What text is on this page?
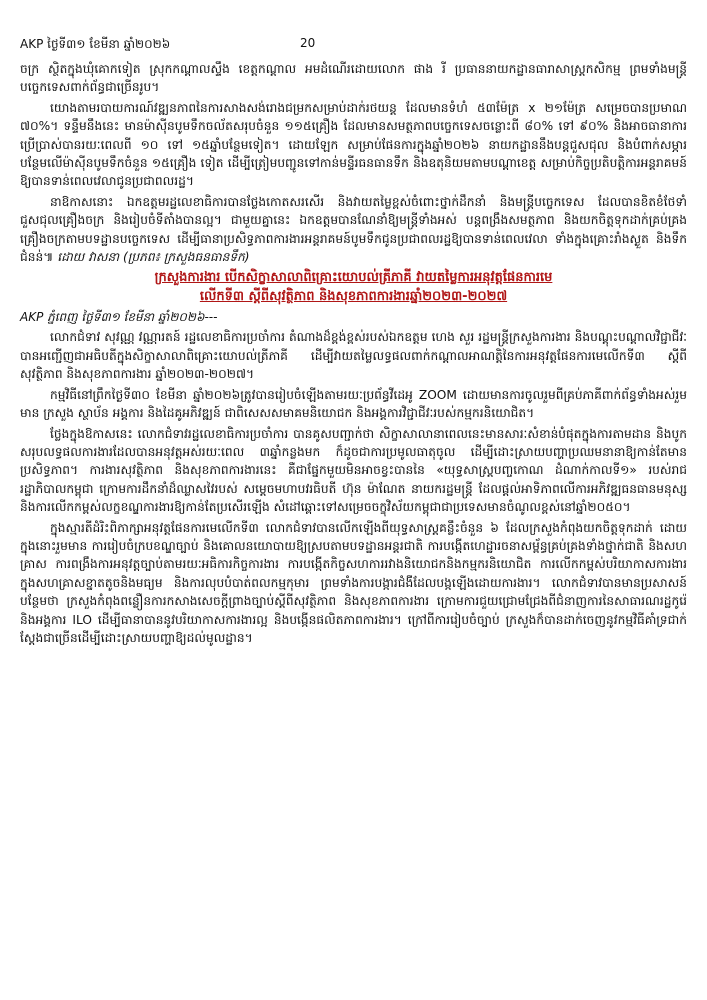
AKP ថ្ងៃទី៣១ ខែមីនា ឆ្នាំ២០២៦	20

ចក្រ ស្ថិតក្នុងឃុំគោកទៀត ស្រុកកណ្ដាលស្ទឹង ខេត្តកណ្ដាល អមដំណើរដោយលោក ផាង រី ប្រធាននាយកដ្ឋានធារាសាស្ត្រកសិកម្ម ព្រមទាំងមន្ត្រីបច្ចេកទេសពាក់ព័ន្ធជាច្រើនរូប។

យោងតាមរបាយការណ៍វឌ្ឍនភាពនៃការសាងសង់រោងជម្រកសម្រាប់ដាក់រថយន្ត ដែលមានទំហំ ៥៣ម៉ែត្រ x ២១ម៉ែត្រ សម្រេចបានប្រមាណ ៧០%។ ទន្ទឹមនឹងនេះ មានម៉ាស៊ីនបូមទឹកចល័តសរុបចំនួន ១១៥គ្រឿង ដែលមានសមត្ថភាពបច្ចេកទេសចន្លោះពី ៨០% ទៅ ៩០% និងអាចធានាការប្រើប្រាស់បានរយៈពេលពី ១០ ទៅ ១៥ឆ្នាំបន្ថែមទៀត។ ដោយឡែក សម្រាប់ផែនការក្នុងឆ្នាំ២០២៦ នាយកដ្ឋាននឹងបន្តជួសជុល និងបំពាក់សម្ភារបន្ថែមលើម៉ាស៊ីនបូមទឹកចំនួន ១៥គ្រឿង ទៀត ដើម្បីត្រៀមបញ្ជូនទៅកាន់មន្ទីរធនធានទឹក និងឧតុនិយមតាមបណ្ដាខេត្ត សម្រាប់កិច្ចប្រតិបត្តិការអន្តរាគមន៍ឱ្យបានទាន់ពេលវេលាជូនប្រជាពលរដ្ឋ។

នាឱកាសនោះ ឯកឧត្តមរដ្ឋលេខាធិការបានថ្លែងកោតសរសើរ និងវាយតម្លៃខ្ពស់ចំពោះថ្នាក់ដឹកនាំ និងមន្ត្រីបច្ចេកទេស ដែលបានខិតខំថែទាំ ជួសជុលគ្រឿងចក្រ និងរៀបចំទីតាំងបានល្អ។ ជាមួយគ្នានេះ ឯកឧត្តមបានណែនាំឱ្យមន្ត្រីទាំងអស់ បន្តពង្រឹងសមត្ថភាព និងយកចិត្តទុកដាក់គ្រប់គ្រងគ្រឿងចក្រតាមបទដ្ឋានបច្ចេកទេស ដើម្បីធានាប្រសិទ្ធភាពការងារអន្តរាគមន៍បូមទឹកជូនប្រជាពលរដ្ឋឱ្យបានទាន់ពេលវេលា ទាំងក្នុងគ្រោះរាំងស្ងួត និងទឹកជំនន់៕ ដោយ វាសនា (ប្រភព៖ ក្រសួងធនធានទឹក)

ក្រសួងការងារ បើកសិក្ខាសាលាពិគ្រោះយោបល់ត្រីភាគី វាយតម្លៃការអនុវត្តផែនការមេ
លើកទី៣ ស្ដីពីសុវត្ថិភាព និងសុខភាពការងារឆ្នាំ២០២៣-២០២៧
AKP ភ្នំពេញ ថ្ងៃទី៣១ ខែមីនា ឆ្នាំ២០២៦---

លោកជំទាវ សុវណ្ណ វណ្ណារតន៍ រដ្ឋលេខាធិការប្រចាំការ តំណាងដ៏ខ្ពង់ខ្ពស់របស់ឯកឧត្តម ហេង សួរ រដ្ឋមន្ត្រីក្រសួងការងារ និងបណ្ដុះបណ្ដាលវិជ្ជាជីវៈបានអញ្ជើញជាអធិបតីក្នុងសិក្ខាសាលាពិគ្រោះយោបល់ត្រីភាគី ដើម្បីវាយតម្លៃលទ្ធផលពាក់កណ្ដាលអាណត្តិនៃការអនុវត្តផែនការមេលើកទី៣ ស្ដីពីសុវត្ថិភាព និងសុខភាពការងារ ឆ្នាំ២០២៣-២០២៧។

កម្មវិធីនៅព្រឹកថ្ងៃទី៣០ ខែមីនា ឆ្នាំ២០២៦ត្រូវបានរៀបចំឡើងតាមរយៈប្រព័ន្ធវីដេអូ ZOOM ដោយមានការចូលរួមពីគ្រប់ភាគីពាក់ព័ន្ធទាំងអស់រួមមាន ក្រសួង ស្ថាប័ន អង្គការ និងដៃគូអភិវឌ្ឍន៍ ជាពិសេសសមាគមនិយោជក និងអង្គការវិជ្ជាជីវៈរបស់កម្មករនិយោជិត។

ថ្លែងក្នុងឱកាសនេះ លោកជំទាវរដ្ឋលេខាធិការប្រចាំការ បានគូសបញ្ជាក់ថា សិក្ខាសាលានាពេលនេះមានសារៈសំខាន់បំផុតក្នុងការតាមដាន និងបូកសរុបលទ្ធផលការងារដែលបានអនុវត្តអស់រយៈពេល ៣ឆ្នាំកន្លងមក ក៏ដូចជាការប្រមូលធាតុចូល ដើម្បីដោះស្រាយបញ្ហាប្រឈមនានាឱ្យកាន់តែមានប្រសិទ្ធភាព។ ការងារសុវត្ថិភាព និងសុខភាពការងារនេះ គឺជាផ្នែកមួយមិនអាចខ្វះបាននៃ «យុទ្ធសាស្ត្របញ្ចកោណ ដំណាក់កាលទី១» របស់រាជរដ្ឋាភិបាលកម្ពុជា ក្រោមការដឹកនាំដ៏ឈ្លាសវៃរបស់ សម្ដេចមហាបវរធិបតី ហ៊ុន ម៉ាណែត នាយករដ្ឋមន្ត្រី ដែលផ្ដល់អាទិភាពលើការអភិវឌ្ឍធនធានមនុស្ស និងការលើកកម្ពស់លក្ខខណ្ឌការងារឱ្យកាន់តែប្រសើរឡើង សំដៅឆ្ពោះទៅសម្រេចចក្ខុវិស័យកម្ពុជាជាប្រទេសមានចំណូលខ្ពស់នៅឆ្នាំ២០៥០។

ក្នុងស្មារតីដំរិះពិភាក្សាអនុវត្តផែនការមេលើកទី៣ លោកជំទាវបានលើកឡើងពីយុទ្ធសាស្ត្រគន្លឹះចំនួន ៦ ដែលក្រសួងកំពុងយកចិត្តទុកដាក់ ដោយក្នុងនោះរួមមាន ការរៀបចំក្របខណ្ឌច្បាប់ និងគោលនយោបាយឱ្យស្របតាមបទដ្ឋានអន្តរជាតិ ការបង្កើតហេដ្ឋារចនាសម្ព័ន្ធគ្រប់គ្រងទាំងថ្នាក់ជាតិ និងសហគ្រាស ការពង្រឹងការអនុវត្តច្បាប់តាមរយៈអធិការកិច្ចការងារ ការបង្កើតកិច្ចសហការរវាងនិយោជកនិងកម្មករនិយោជិត ការលើកកម្ពស់បរិយាកាសការងារក្នុងសហគ្រាសខ្នាតតូចនិងមធ្យម និងការលុបបំបាត់ពលកម្មកុមារ ព្រមទាំងការបង្ការជំងឺដែលបង្កឡើងដោយការងារ។ លោកជំទាវបានមានប្រសាសន៍បន្ថែមថា ក្រសួងកំពុងពន្លឿនការកសាងសេចក្ដីព្រាងច្បាប់ស្ដីពីសុវត្ថិភាព និងសុខភាពការងារ ក្រោមការជួយជ្រោមជ្រែងពីជំនាញការនៃសាធារណរដ្ឋកូរ៉េ និងអង្គការ ILO ដើម្បីធានាបាននូវបរិយាកាសការងារល្អ និងបង្កើនផលិតភាពការងារ។ ក្រៅពីការរៀបចំច្បាប់ ក្រសួងក៏បានដាក់ចេញនូវកម្មវិធីគាំទ្រជាក់ស្ដែងជាច្រើនដើម្បីដោះស្រាយបញ្ហាឱ្យដល់មូលដ្ឋាន។
